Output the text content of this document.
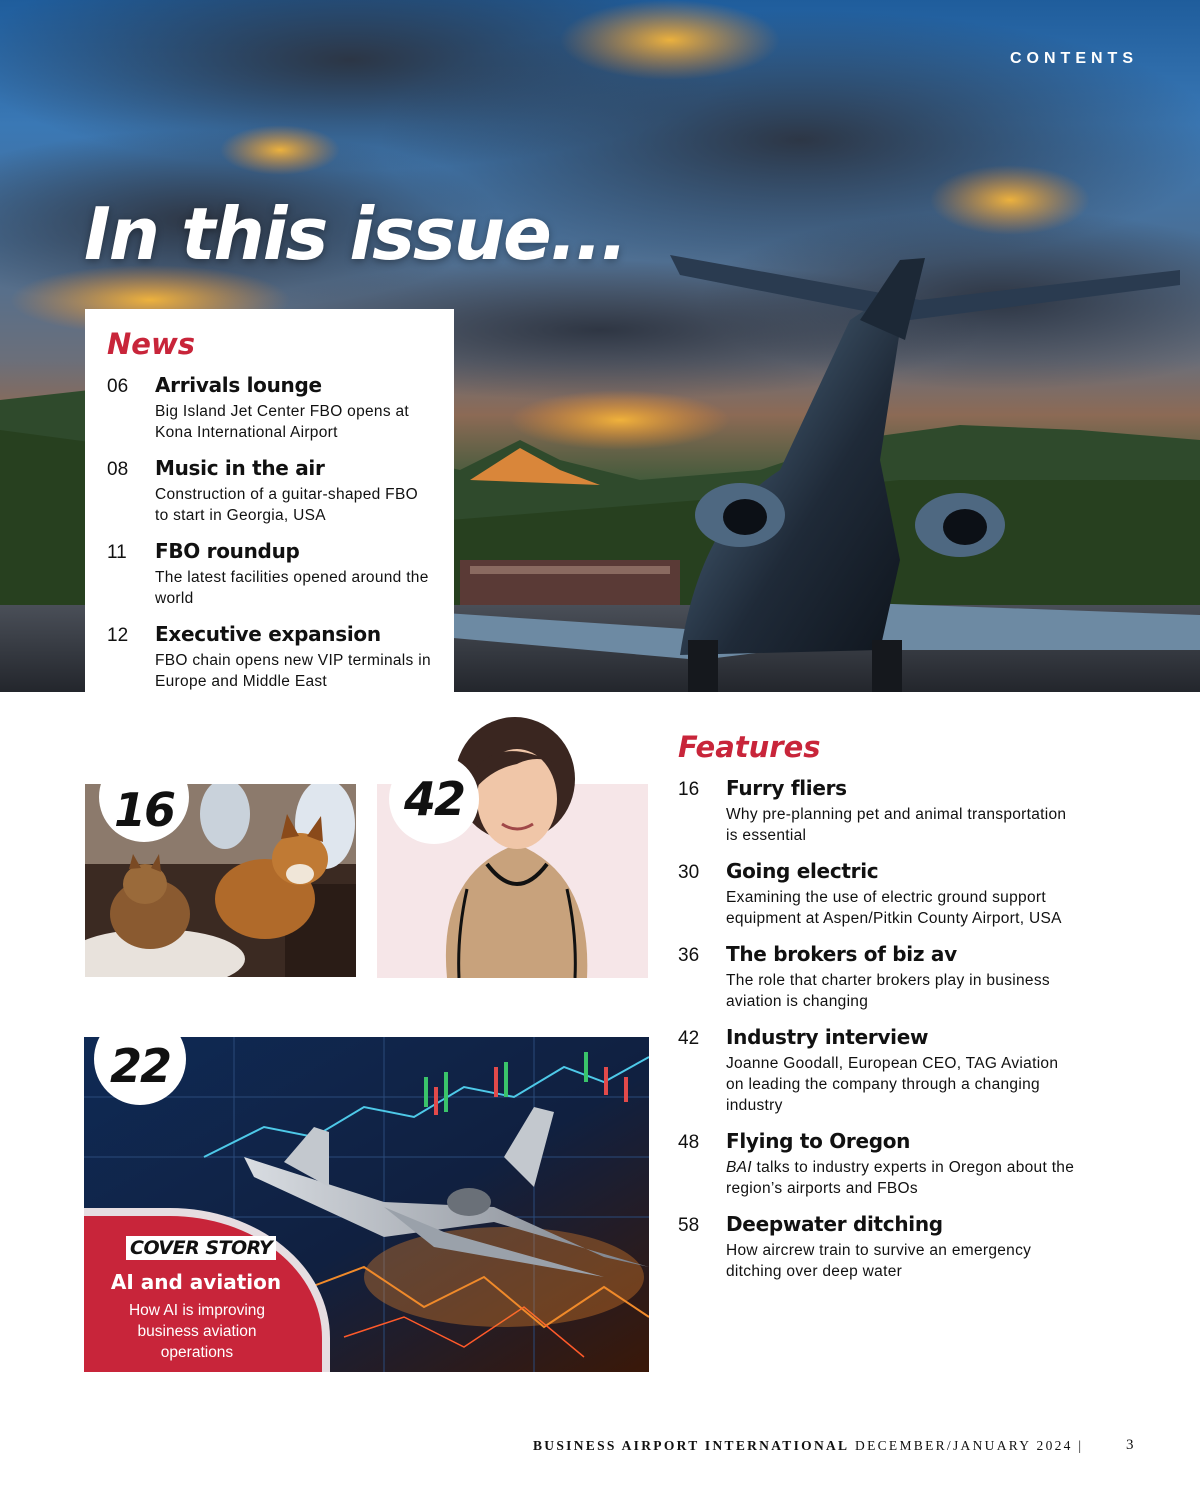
CONTENTS
In this issue...
News
06	Arrivals lounge
Big Island Jet Center FBO opens at Kona International Airport
08	Music in the air
Construction of a guitar-shaped FBO to start in Georgia, USA
11	FBO roundup
The latest facilities opened around the world
12	Executive expansion
FBO chain opens new VIP terminals in Europe and Middle East
16	42
22
COVER STORY
AI and aviation
How AI is improving business aviation operations
Features
16	Furry fliers
Why pre-planning pet and animal transportation is essential
30	Going electric
Examining the use of electric ground support equipment at Aspen/Pitkin County Airport, USA
36	The brokers of biz av
The role that charter brokers play in business aviation is changing
42	Industry interview
Joanne Goodall, European CEO, TAG Aviation on leading the company through a changing industry
48	Flying to Oregon
BAI talks to industry experts in Oregon about the region’s airports and FBOs
58	Deepwater ditching
How aircrew train to survive an emergency ditching over deep water
BUSINESS AIRPORT INTERNATIONAL DECEMBER/JANUARY 2024 |	3
